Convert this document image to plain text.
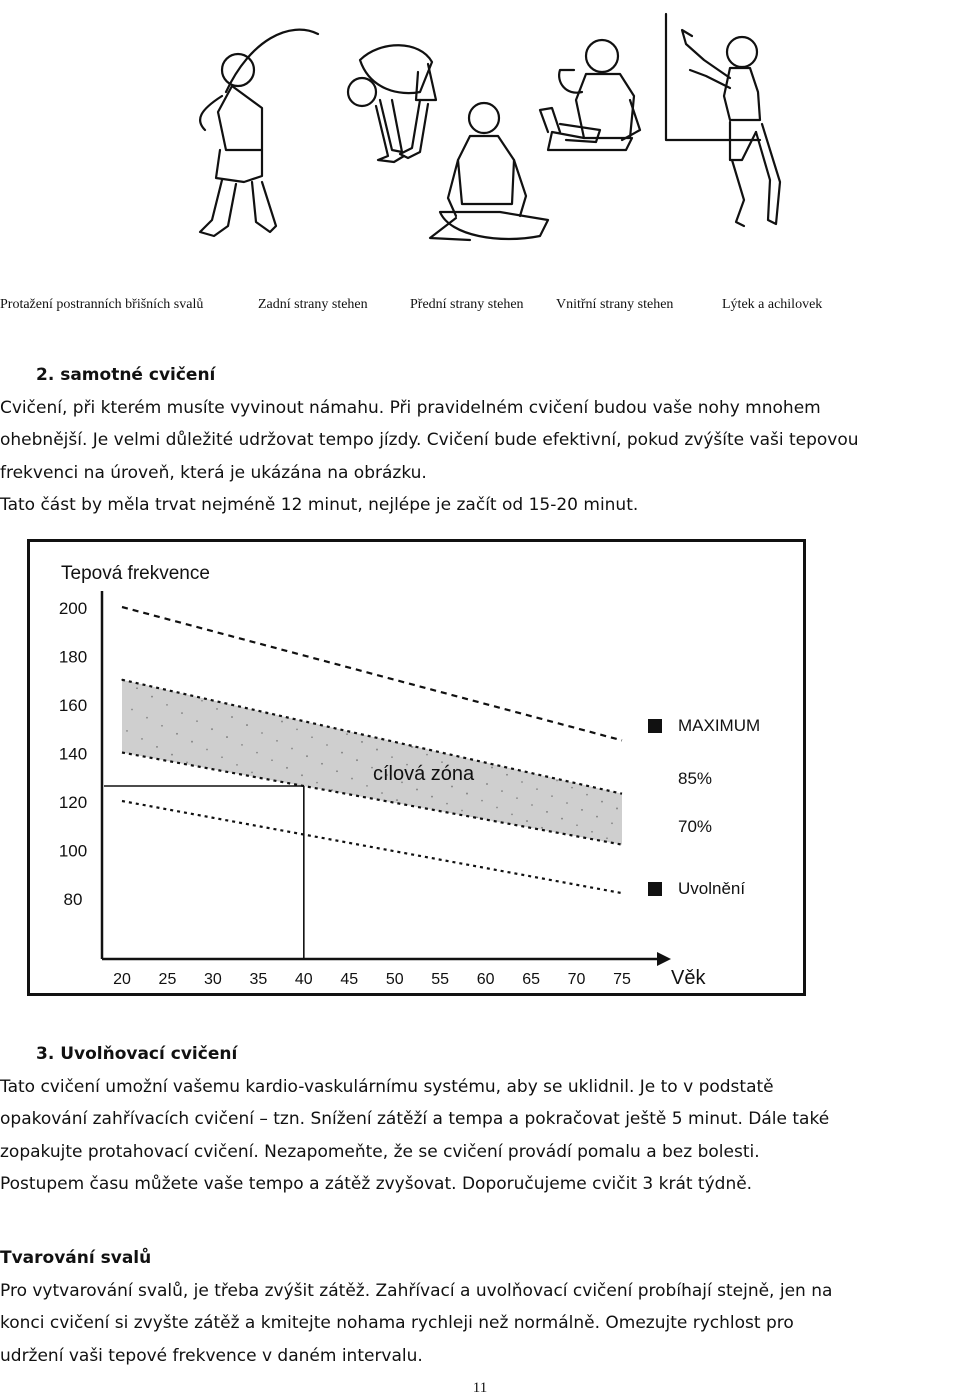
Protažení postranních břišních svalů	Zadní strany stehen	Přední strany stehen Vnitřní strany stehen	Lýtek a achilovek

2. samotné cvičení

Cvičení, při kterém musíte vyvinout námahu. Při pravidelném cvičení budou vaše nohy mnohem

ohebnější. Je velmi důležité udržovat tempo jízdy. Cvičení bude efektivní, pokud zvýšíte vaši tepovou

frekvenci na úroveň, která je ukázána na obrázku.

Tato část by měla trvat nejméně 12 minut, nejlépe je začít od 15-20 minut.

Tepová frekvence
Věk
200
180
160
140
120
100
80
20 25 30 35 40 45 50 55 60 65 70 75
MAXIMUM
85%
70%
Uvolnění
cílová zóna

3. Uvolňovací cvičení

Tato cvičení umožní vašemu kardio-vaskulárnímu systému, aby se uklidnil. Je to v podstatě

opakování zahřívacích cvičení – tzn. Snížení zátěží a tempa a pokračovat ještě 5 minut. Dále také

zopakujte protahovací cvičení. Nezapomeňte, že se cvičení provádí pomalu a bez bolesti.

Postupem času můžete vaše tempo a zátěž zvyšovat. Doporučujeme cvičit 3 krát týdně.

Tvarování svalů

Pro vytvarování svalů, je třeba zvýšit zátěž. Zahřívací a uvolňovací cvičení probíhají stejně, jen na

konci cvičení si zvyšte zátěž a kmitejte nohama rychleji než normálně. Omezujte rychlost pro

udržení vaši tepové frekvence v daném intervalu.

11
